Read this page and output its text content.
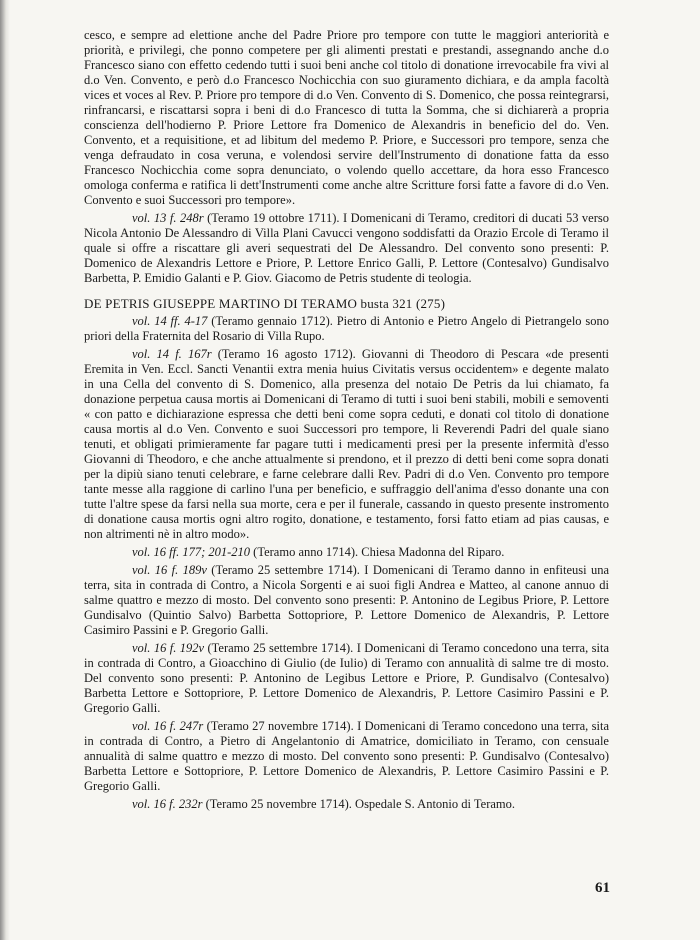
cesco, e sempre ad elettione anche del Padre Priore pro tempore con tutte le maggiori anteriorità e priorità, e privilegi, che ponno competere per gli alimenti prestati e prestandi, assegnando anche d.o Francesco siano con effetto cedendo tutti i suoi beni anche col titolo di donatione irrevocabile fra vivi al d.o Ven. Convento, e però d.o Francesco Nochicchia con suo giuramento dichiara, e da ampla facoltà vices et voces al Rev. P. Priore pro tempore di d.o Ven. Convento di S. Domenico, che possa reintegrarsi, rinfrancarsi, e riscattarsi sopra i beni di d.o Francesco di tutta la Somma, che si dichiarerà a propria conscienza dell'hodierno P. Priore Lettore fra Domenico de Alexandris in beneficio del do. Ven. Convento, et a requisitione, et ad libitum del medemo P. Priore, e Successori pro tempore, senza che venga defraudato in cosa veruna, e volendosi servire dell'Instrumento di donatione fatta da esso Francesco Nochicchia come sopra denunciato, o volendo quello accettare, da hora esso Francesco omologa conferma e ratifica li dett'Instrumenti come anche altre Scritture forsi fatte a favore di d.o Ven. Convento e suoi Successori pro tempore».

vol. 13 f. 248r (Teramo 19 ottobre 1711). I Domenicani di Teramo, creditori di ducati 53 verso Nicola Antonio De Alessandro di Villa Plani Cavucci vengono soddisfatti da Orazio Ercole di Teramo il quale si offre a riscattare gli averi sequestrati del De Alessandro. Del convento sono presenti: P. Domenico de Alexandris Lettore e Priore, P. Lettore Enrico Galli, P. Lettore (Contesalvo) Gundisalvo Barbetta, P. Emidio Galanti e P. Giov. Giacomo de Petris studente di teologia.

DE PETRIS GIUSEPPE MARTINO DI TERAMO busta 321 (275)

vol. 14 ff. 4-17 (Teramo gennaio 1712). Pietro di Antonio e Pietro Angelo di Pietrangelo sono priori della Fraternita del Rosario di Villa Rupo.

vol. 14 f. 167r (Teramo 16 agosto 1712). Giovanni di Theodoro di Pescara «de presenti Eremita in Ven. Eccl. Sancti Venantii extra menia huius Civitatis versus occidentem» e degente malato in una Cella del convento di S. Domenico, alla presenza del notaio De Petris da lui chiamato, fa donazione perpetua causa mortis ai Domenicani di Teramo di tutti i suoi beni stabili, mobili e semoventi « con patto e dichiarazione espressa che detti beni come sopra ceduti, e donati col titolo di donatione causa mortis al d.o Ven. Convento e suoi Successori pro tempore, li Reverendi Padri del quale siano tenuti, et obligati primieramente far pagare tutti i medicamenti presi per la presente infermità d'esso Giovanni di Theodoro, e che anche attualmente si prendono, et il prezzo di detti beni come sopra donati per la dipiù siano tenuti celebrare, e farne celebrare dalli Rev. Padri di d.o Ven. Convento pro tempore tante messe alla raggione di carlino l'una per beneficio, e suffraggio dell'anima d'esso donante una con tutte l'altre spese da farsi nella sua morte, cera e per il funerale, cassando in questo presente instromento di donatione causa mortis ogni altro rogito, donatione, e testamento, forsi fatto etiam ad pias causas, e non altrimenti nè in altro modo».

vol. 16 ff. 177; 201-210 (Teramo anno 1714). Chiesa Madonna del Riparo.

vol. 16 f. 189v (Teramo 25 settembre 1714). I Domenicani di Teramo danno in enfiteusi una terra, sita in contrada di Contro, a Nicola Sorgenti e ai suoi figli Andrea e Matteo, al canone annuo di salme quattro e mezzo di mosto. Del convento sono presenti: P. Antonino de Legibus Priore, P. Lettore Gundisalvo (Quintio Salvo) Barbetta Sottopriore, P. Lettore Domenico de Alexandris, P. Lettore Casimiro Passini e P. Gregorio Galli.

vol. 16 f. 192v (Teramo 25 settembre 1714). I Domenicani di Teramo concedono una terra, sita in contrada di Contro, a Gioacchino di Giulio (de Iulio) di Teramo con annualità di salme tre di mosto. Del convento sono presenti: P. Antonino de Legibus Lettore e Priore, P. Gundisalvo (Contesalvo) Barbetta Lettore e Sottopriore, P. Lettore Domenico de Alexandris, P. Lettore Casimiro Passini e P. Gregorio Galli.

vol. 16 f. 247r (Teramo 27 novembre 1714). I Domenicani di Teramo concedono una terra, sita in contrada di Contro, a Pietro di Angelantonio di Amatrice, domiciliato in Teramo, con censuale annualità di salme quattro e mezzo di mosto. Del convento sono presenti: P. Gundisalvo (Contesalvo) Barbetta Lettore e Sottopriore, P. Lettore Domenico de Alexandris, P. Lettore Casimiro Passini e P. Gregorio Galli.

vol. 16 f. 232r (Teramo 25 novembre 1714). Ospedale S. Antonio di Teramo.

61
